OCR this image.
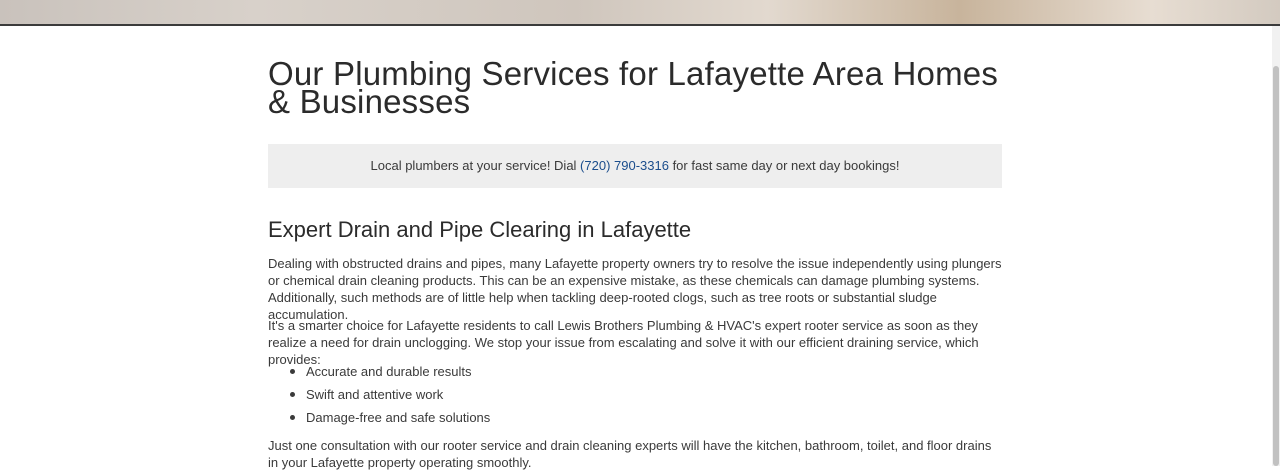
Our Plumbing Services for Lafayette Area Homes & Businesses
Local plumbers at your service! Dial (720) 790-3316 for fast same day or next day bookings!
Expert Drain and Pipe Clearing in Lafayette

Dealing with obstructed drains and pipes, many Lafayette property owners try to resolve the issue independently using plungers or chemical drain cleaning products. This can be an expensive mistake, as these chemicals can damage plumbing systems. Additionally, such methods are of little help when tackling deep-rooted clogs, such as tree roots or substantial sludge accumulation.

It's a smarter choice for Lafayette residents to call Lewis Brothers Plumbing & HVAC's expert rooter service as soon as they realize a need for drain unclogging. We stop your issue from escalating and solve it with our efficient draining service, which provides:

Accurate and durable results
Swift and attentive work
Damage-free and safe solutions

Just one consultation with our rooter service and drain cleaning experts will have the kitchen, bathroom, toilet, and floor drains in your Lafayette property operating smoothly.
